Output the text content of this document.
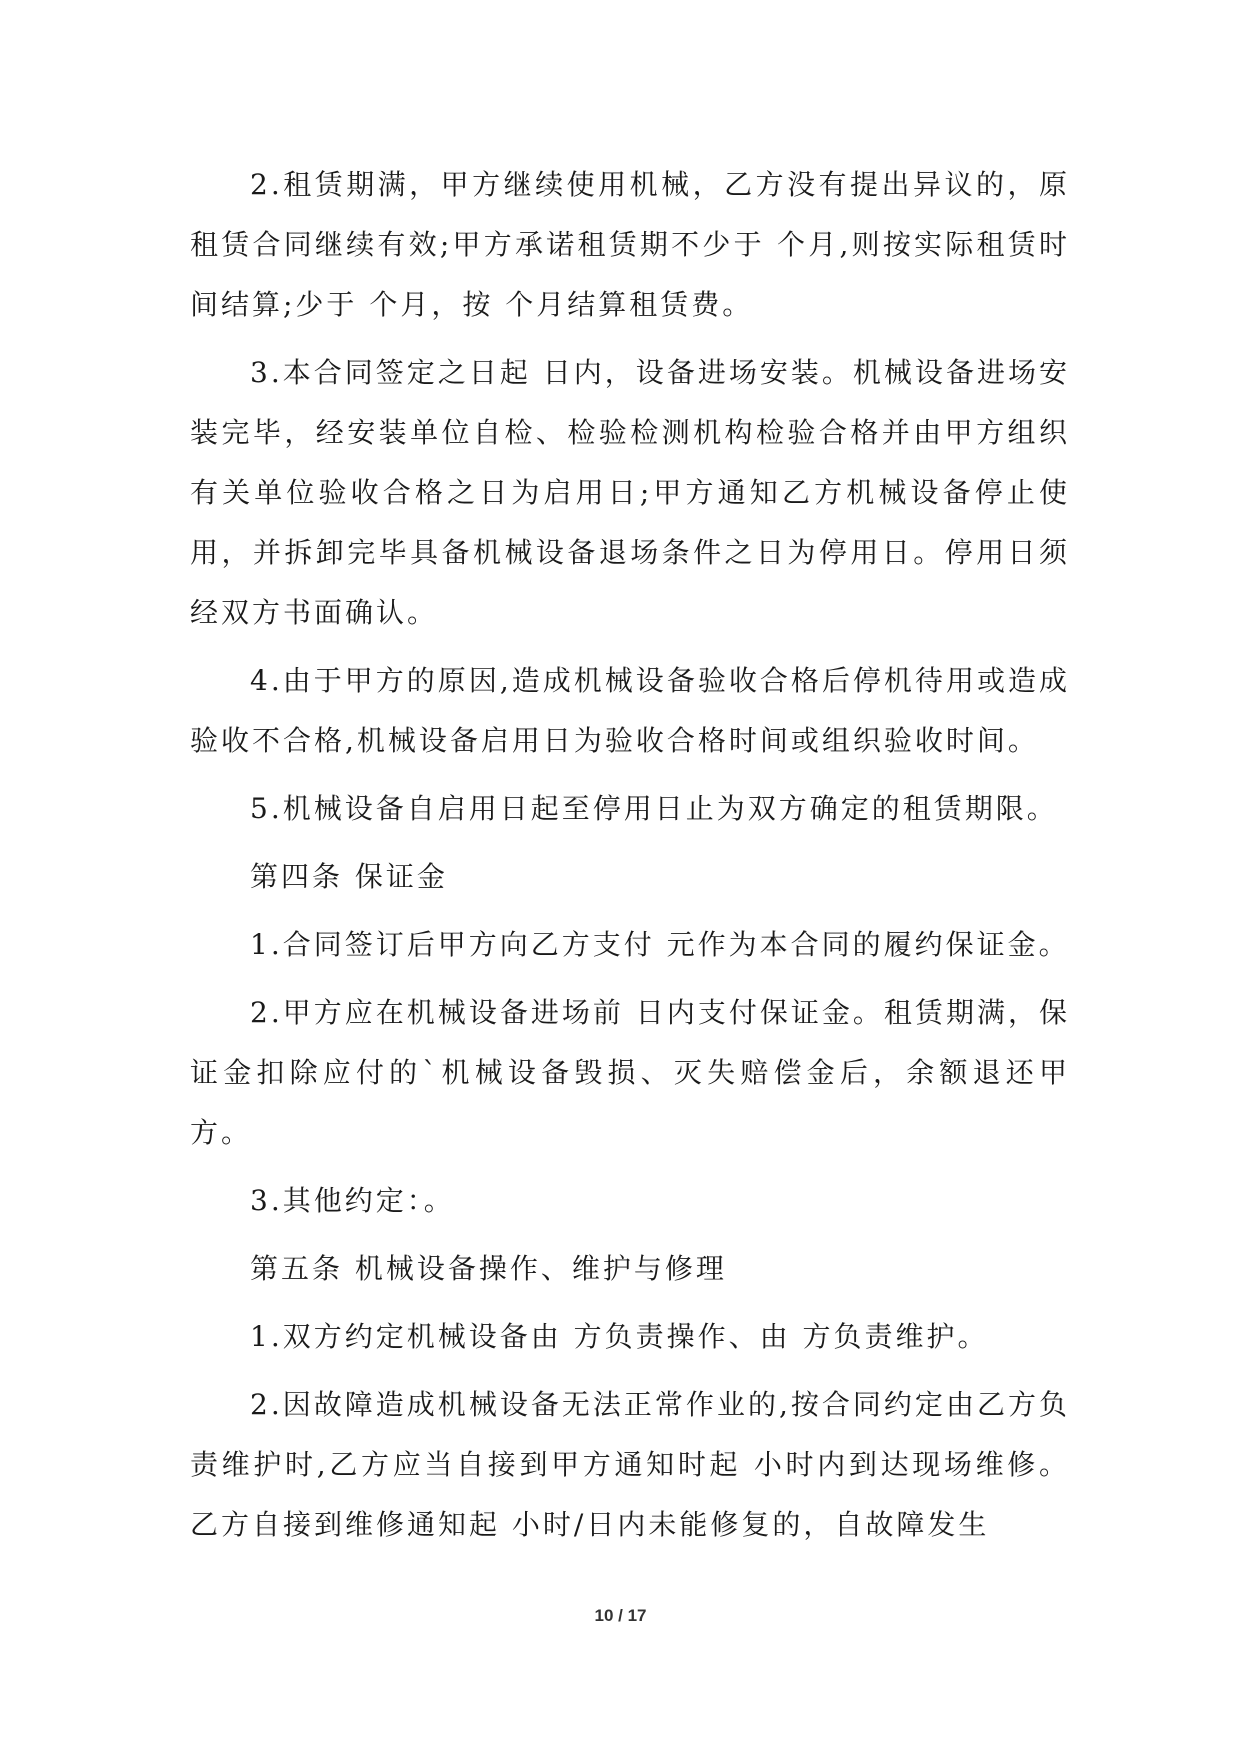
2.租赁期满，甲方继续使用机械，乙方没有提出异议的，原租赁合同继续有效;甲方承诺租赁期不少于 个月,则按实际租赁时间结算;少于 个月，按 个月结算租赁费。

3.本合同签定之日起 日内，设备进场安装。机械设备进场安装完毕，经安装单位自检、检验检测机构检验合格并由甲方组织有关单位验收合格之日为启用日;甲方通知乙方机械设备停止使用，并拆卸完毕具备机械设备退场条件之日为停用日。停用日须经双方书面确认。

4.由于甲方的原因,造成机械设备验收合格后停机待用或造成验收不合格,机械设备启用日为验收合格时间或组织验收时间。

5.机械设备自启用日起至停用日止为双方确定的租赁期限。

第四条 保证金

1.合同签订后甲方向乙方支付 元作为本合同的履约保证金。

2.甲方应在机械设备进场前 日内支付保证金。租赁期满，保证金扣除应付的`机械设备毁损、灭失赔偿金后，余额退还甲方。

3.其他约定：。

第五条 机械设备操作、维护与修理

1.双方约定机械设备由 方负责操作、由 方负责维护。

2.因故障造成机械设备无法正常作业的,按合同约定由乙方负责维护时,乙方应当自接到甲方通知时起 小时内到达现场维修。乙方自接到维修通知起 小时/日内未能修复的，自故障发生

10 / 17
